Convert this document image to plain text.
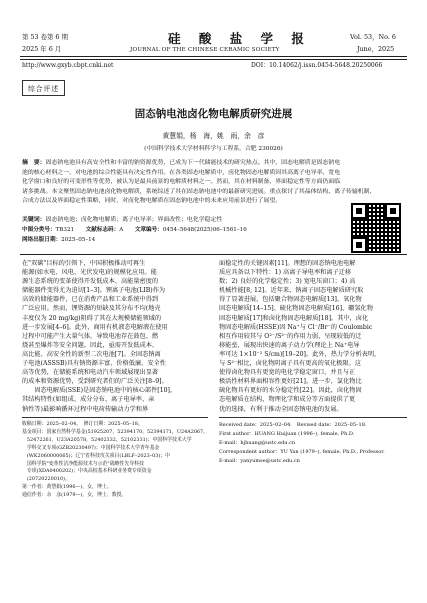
第 53 卷第 6 期
2025 年 6 月
硅 酸 盐 学 报
JOURNAL OF THE CHINESE CERAMIC SOCIETY
Vol. 53，No. 6
June，2025
http://www.gxyb.cbpt.cnki.net	DOI：10.14062/j.issn.0454-5648.20250066
综合评述
固态钠电池卤化物电解质研究进展
黄慧娟，杨　海，姚　雨，余　彦
(中国科学技术大学材料科学与工程系，合肥 230026)
摘　要：固态钠电池具有高安全性和丰富的钠资源优势，已成为下一代储能技术的研究热点。其中，固态电解质是固态钠电
池的核心材料之一，对电池的综合性能具有决定性作用。在各类固态电解质中，卤化物固态电解质因其高离子电导率、宽电
化学窗口和良好的可变形性等优势，被认为是最具前景的电解质材料之一。然而，其在材料制备、界面稳定性等方面仍面临
诸多挑战。本文聚焦固态钠电池卤化物电解质，系统综述了其在固态钠电池中的最新研究进展。重点探讨了其晶体结构、离子传输机制、
合成方法以及界面稳定性策略，同时，对卤化物电解质在固态钠电池中的未来应用前景进行了展望。
关键词：固态钠电池；卤化物电解质；离子电导率；界面改性；电化学稳定性
中图分类号：TB321 文献标志码：A 文章编号：0454–5648(2025)06–1561–16
网络出版日期：2025–05–14
在"双碳"目标的引领下，中国积极推动可再生
能源(如水电、风电、光伏发电)的规模化应用。能
源生态系统的变革使得开发低成本、高能量密度的
储能器件变得尤为迫切[1–3]。锂离子电池(LIB)作为
高效的储能器件，已在消费产品和工业系统中得到
广泛应用。然而，锂资源的短缺及其分布不均(地壳
丰度仅为 20 mg/kg)阻碍了其在大规模储能领域的
进一步发展[4–6]。此外，商用有机液态电解液在使用
过程中可能产生大量气体，导致电池存在鼓包、燃
烧甚至爆炸等安全问题。因此，亟需开发低成本、
高比能、高安全性的新型二次电池[7]。全固态钠离
子电池(ASSSB)具有钠资源丰富、价格低廉、安全性
高等优势，在储能系统和电动汽车领域展现出显著
的成本和资源优势，受到研究者们的广泛关注[8–9]。
　　固态电解质(SSE)是固态钠电池中的核心部件[10]，
其结构特性(如组成、成分分布、离子电导率、亲
钠性等)最影响循环过程中电荷传输动力学和界
面稳定性的关键因素[11]。理想的固态钠电池电解
质应具备以下特性：1) 高离子导电率和离子迁移
数；2) 良好的化学稳定性；3) 宽电压窗口；4) 高
机械性能[8, 12]。近年来，钠离子固态电解质研究取
得了显著进展，包括聚合物固态电解质[13]、氧化物
固态电解质[14–15]、硫化物固态电解质[16]、硼氢化物
固态电解质[17]和卤化物固态电解质[18]。其中，卤化
物固态电解质(HSSE)因 Na⁺与 Cl⁻/Br⁻的 Coulombic
相互作用较其与 O²⁻/S²⁻的作用力弱，呈现较低的迁
移能垒，展现出快速的离子动力学(理论上 Na⁺电导
率可达 1×10⁻² S/cm)[19–20]。此外，热力学分析表明，
与 S²⁻相比，卤化物阴离子具有更高的氧化极限。这
使得卤化物具有更宽的电化学稳定窗口，并且与正
极活性材料界面相容性更好[21]。进一步，氯化物比
硫化物具有更好的水分稳定性[22]。因此，卤化物固
态电解质在结构、物理化学和成分等方面提供了更
优的选择，有利于推动全固态钠电池的发展。
收稿日期：2025–02–04。　修订日期：2025–05–18。
基金项目：国家自然科学基金(51925207，52394170，52394171，U24A2067，
　52472261，U23A20578，52402332，52102331)；中国科学技术大学
　学科交叉专项(GZB20230497)；中国科学技术大学青年基金
　(WK2060000065)；辽宁省科技攻关项目(LBLF–2023–03)；中
　国科学院"变革性洁净能源技术与示范"战略性先导科技
　专项(XDA0400202)；中央高校基本科研业务费专项资金
　(20720220010)。
第一作者：黄慧娟(1996—)，女，博士。
通信作者：余　彦(1979—)，女，博士，教授。
Received date：2025–02–04.　Revised date：2025–05–18.
First author：HUANG Huijuan (1996–), female, Ph.D.
E-mail：hjhuang@ustc.edu.cn
Correspondent author：YU Yan (1979–), female, Ph.D., Professor.
E-mail：yanyumse@ustc.edu.cn
